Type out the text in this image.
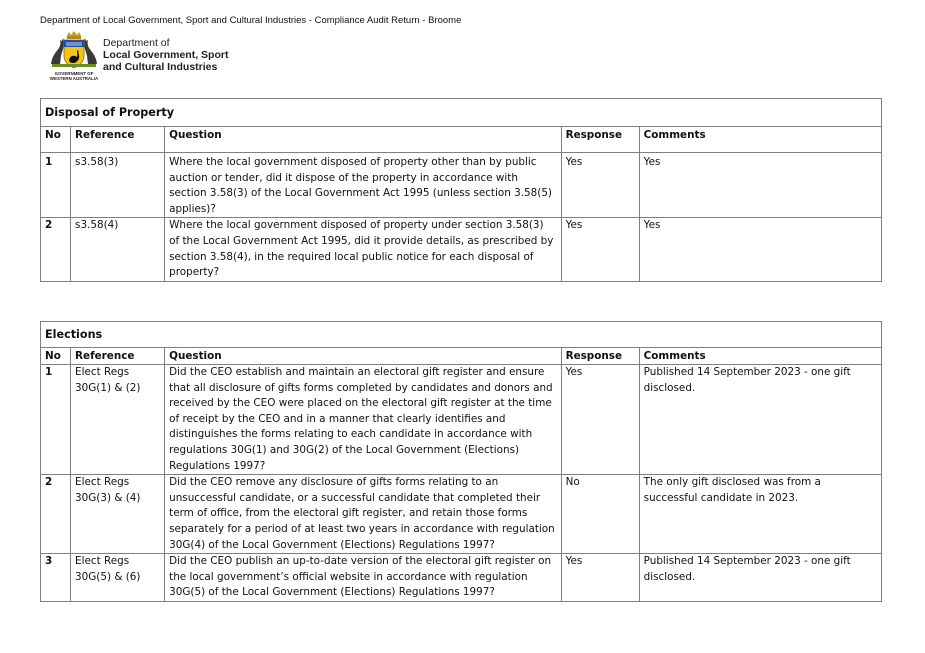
Department of Local Government, Sport and Cultural Industries - Compliance Audit Return - Broome
GOVERNMENT OF WESTERN AUSTRALIA
Department of
Local Government, Sport
and Cultural Industries
Disposal of Property				
No	Reference	Question	Response	Comments
1	s3.58(3)	Where the local government disposed of property other than by public auction or tender, did it dispose of the property in accordance with section 3.58(3) of the Local Government Act 1995 (unless section 3.58(5) applies)?	Yes	Yes
2	s3.58(4)	Where the local government disposed of property under section 3.58(3) of the Local Government Act 1995, did it provide details, as prescribed by section 3.58(4), in the required local public notice for each disposal of property?	Yes	Yes
Elections				
No	Reference	Question	Response	Comments
1	Elect Regs 30G(1) & (2)	Did the CEO establish and maintain an electoral gift register and ensure that all disclosure of gifts forms completed by candidates and donors and received by the CEO were placed on the electoral gift register at the time of receipt by the CEO and in a manner that clearly identifies and distinguishes the forms relating to each candidate in accordance with regulations 30G(1) and 30G(2) of the Local Government (Elections) Regulations 1997?	Yes	Published 14 September 2023 - one gift disclosed.
2	Elect Regs 30G(3) & (4)	Did the CEO remove any disclosure of gifts forms relating to an unsuccessful candidate, or a successful candidate that completed their term of office, from the electoral gift register, and retain those forms separately for a period of at least two years in accordance with regulation 30G(4) of the Local Government (Elections) Regulations 1997?	No	The only gift disclosed was from a successful candidate in 2023.
3	Elect Regs 30G(5) & (6)	Did the CEO publish an up-to-date version of the electoral gift register on the local government’s official website in accordance with regulation 30G(5) of the Local Government (Elections) Regulations 1997?	Yes	Published 14 September 2023 - one gift disclosed.
